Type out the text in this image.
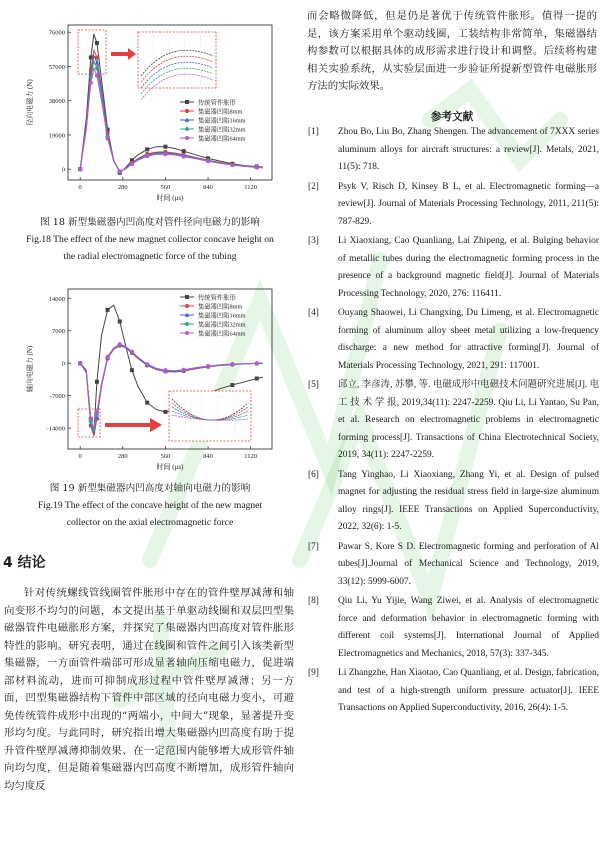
76000
57000
38000
19000
0
0	280	560	840	1120
时间 (μs)
径向电磁力 (N)	传统管件胀形
集磁器凹陷8mm
集磁器凹陷16mm
集磁器凹陷32mm
集磁器凹陷64mm
图 18 新型集磁器内凹高度对管件径向电磁力的影响
Fig.18 The effect of the new magnet collector concave height on
the radial electromagnetic force of the tubing
14000
7000
0
-7000
-14000
0	280	560	840	1120
时间 (μs)
轴向电磁力 (N)
传统管件胀形
集磁器凹陷8mm
集磁器凹陷16mm
集磁器凹陷32mm
集磁器凹陷64mm
图 19 新型集磁器内凹高度对轴向电磁力的影响
Fig.19 The effect of the concave height of the new magnet
collector on the axial electromagnetic force
4 结论
针对传统螺线管线圈管件胀形中存在的管件壁厚减薄和轴向变形不均匀的问题，本文提出基于单驱动线圈和双层凹型集磁器管件电磁胀形方案，并探究了集磁器内凹高度对管件胀形特性的影响。研究表明，通过在线圈和管件之间引入该类新型集磁器，一方面管件端部可形成显著轴向压缩电磁力，促进端部材料流动，进而可抑制成形过程中管件壁厚减薄；另一方面，凹型集磁器结构下管件中部区域的径向电磁力变小，可避免传统管件成形中出现的“两端小，中间大”现象，显著提升变形均匀度。与此同时，研究指出增大集磁器内凹高度有助于提升管件壁厚减薄抑制效果、在一定范围内能够增大成形管件轴向均匀度，但是随着集磁器内凹高度不断增加，成形管件轴向均匀度反
而会略微降低，但是仍是著优于传统管件胀形。值得一提的是，该方案采用单个驱动线圈，工装结构非常简单，集磁器结构参数可以根据具体的成形需求进行设计和调整。后续将构建相关实验系统，从实验层面进一步验证所提新型管件电磁胀形方法的实际效果。
参考文献
[1]	Zhou Bo, Liu Bo, Zhang Shengen. The advancement of 7XXX series aluminum alloys for aircraft structures: a review[J]. Metals, 2021, 11(5): 718.
[2]	Psyk V, Risch D, Kinsey B L, et al. Electromagnetic forming—a review[J]. Journal of Materials Processing Technology, 2011, 211(5): 787-829.
[3]	Li Xiaoxiang, Cao Quanliang, Lai Zhipeng, et al. Bulging behavior of metallic tubes during the electromagnetic forming process in the presence of a background magnetic field[J]. Journal of Materials Processing Technology, 2020, 276: 116411.
[4]	Ouyang Shaowei, Li Changxing, Du Limeng, et al. Electromagnetic forming of aluminum alloy sheet metal utilizing a low-frequency discharge: a new method for attractive forming[J]. Journal of Materials Processing Technology, 2021, 291: 117001.
[5]	邱立, 李彦涛, 苏攀, 等. 电磁成形中电磁技术问题研究进展[J]. 电 工 技 术 学 报, 2019,34(11): 2247-2259. Qiu Li, Li Yantao, Su Pan, et al. Research on electromagnetic problems in electromagnetic forming process[J]. Transactions of China Electrotechnical Society, 2019, 34(11): 2247-2259.
[6]	Tang Yinghao, Li Xiaoxiang, Zhang Yi, et al. Design of pulsed magnet for adjusting the residual stress field in large-size aluminum alloy rings[J]. IEEE Transactions on Applied Superconductivity, 2022, 32(6): 1-5.
[7]	Pawar S, Kore S D. Electromagnetic forming and perforation of Al tubes[J].Journal of Mechanical Science and Technology, 2019, 33(12): 5999-6007.
[8]	Qiu Li, Yu Yijie, Wang Ziwei, et al. Analysis of electromagnetic force and deformation behavior in electromagnetic forming with different coil systems[J]. International Journal of Applied Electromagnetics and Mechanics, 2018, 57(3): 337-345.
[9]	Li Zhangzhe, Han Xiaotao, Cao Quanliang, et al. Design, fabrication, and test of a high-strength uniform pressure actuator[J]. IEEE Transactions on Applied Superconductivity, 2016, 26(4): 1-5.
